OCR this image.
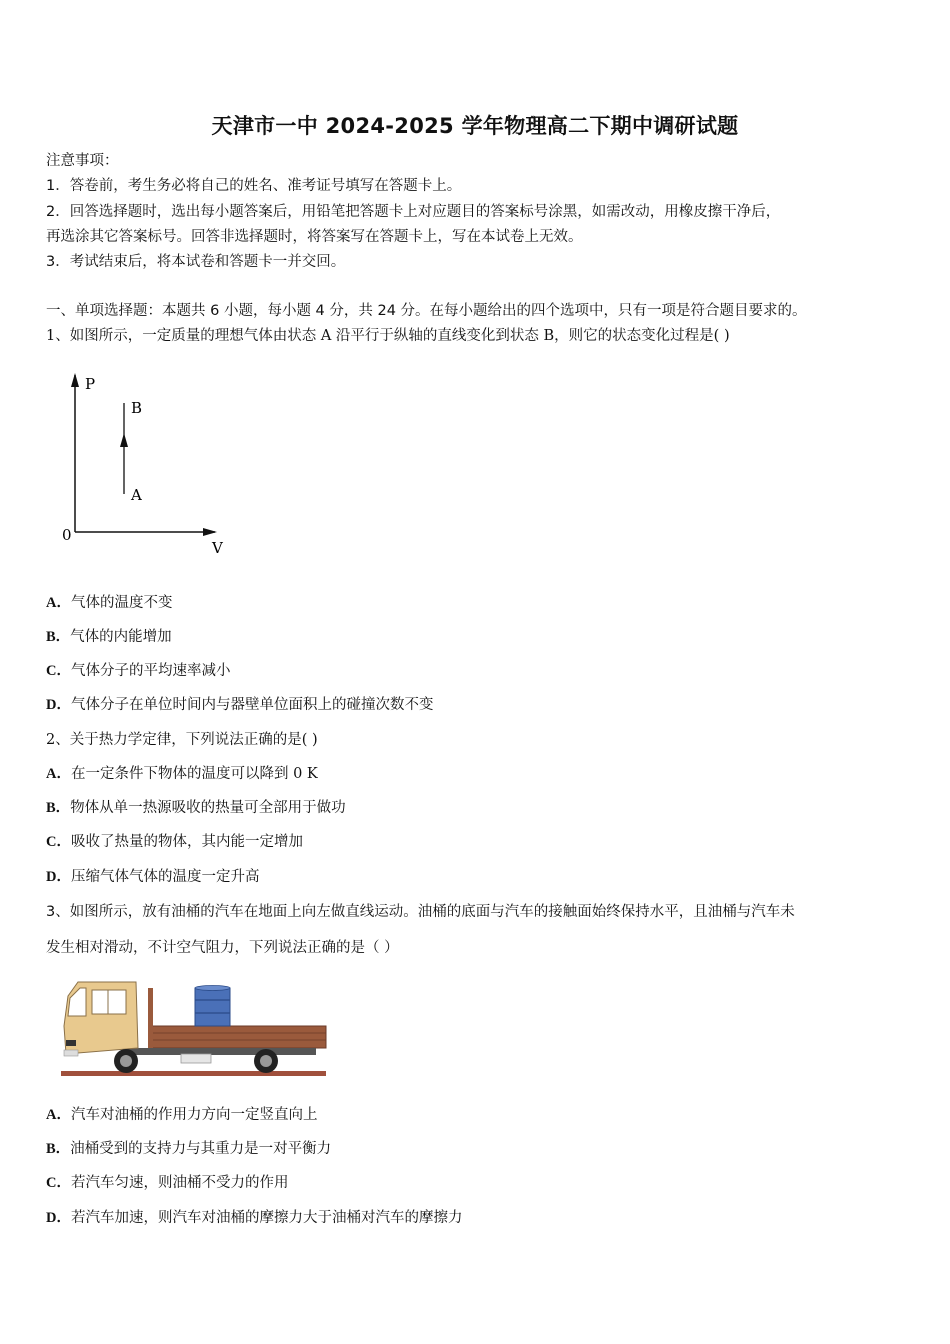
天津市一中 2024-2025 学年物理高二下期中调研试题
注意事项：
1．答卷前，考生务必将自己的姓名、准考证号填写在答题卡上。
2．回答选择题时，选出每小题答案后，用铅笔把答题卡上对应题目的答案标号涂黑，如需改动，用橡皮擦干净后，
再选涂其它答案标号。回答非选择题时，将答案写在答题卡上，写在本试卷上无效。
3．考试结束后，将本试卷和答题卡一并交回。
一、单项选择题：本题共 6 小题，每小题 4 分，共 24 分。在每小题给出的四个选项中，只有一项是符合题目要求的。
1、如图所示，一定质量的理想气体由状态 A 沿平行于纵轴的直线变化到状态 B，则它的状态变化过程是( )
P
B
A
0
V
A．气体的温度不变
B．气体的内能增加
C．气体分子的平均速率减小
D．气体分子在单位时间内与器壁单位面积上的碰撞次数不变
2、关于热力学定律，下列说法正确的是( )
A．在一定条件下物体的温度可以降到 0 K
B．物体从单一热源吸收的热量可全部用于做功
C．吸收了热量的物体，其内能一定增加
D．压缩气体气体的温度一定升高
3、如图所示，放有油桶的汽车在地面上向左做直线运动。油桶的底面与汽车的接触面始终保持水平，且油桶与汽车未
发生相对滑动，不计空气阻力，下列说法正确的是（ ）
A．汽车对油桶的作用力方向一定竖直向上
B．油桶受到的支持力与其重力是一对平衡力
C．若汽车匀速，则油桶不受力的作用
D．若汽车加速，则汽车对油桶的摩擦力大于油桶对汽车的摩擦力
